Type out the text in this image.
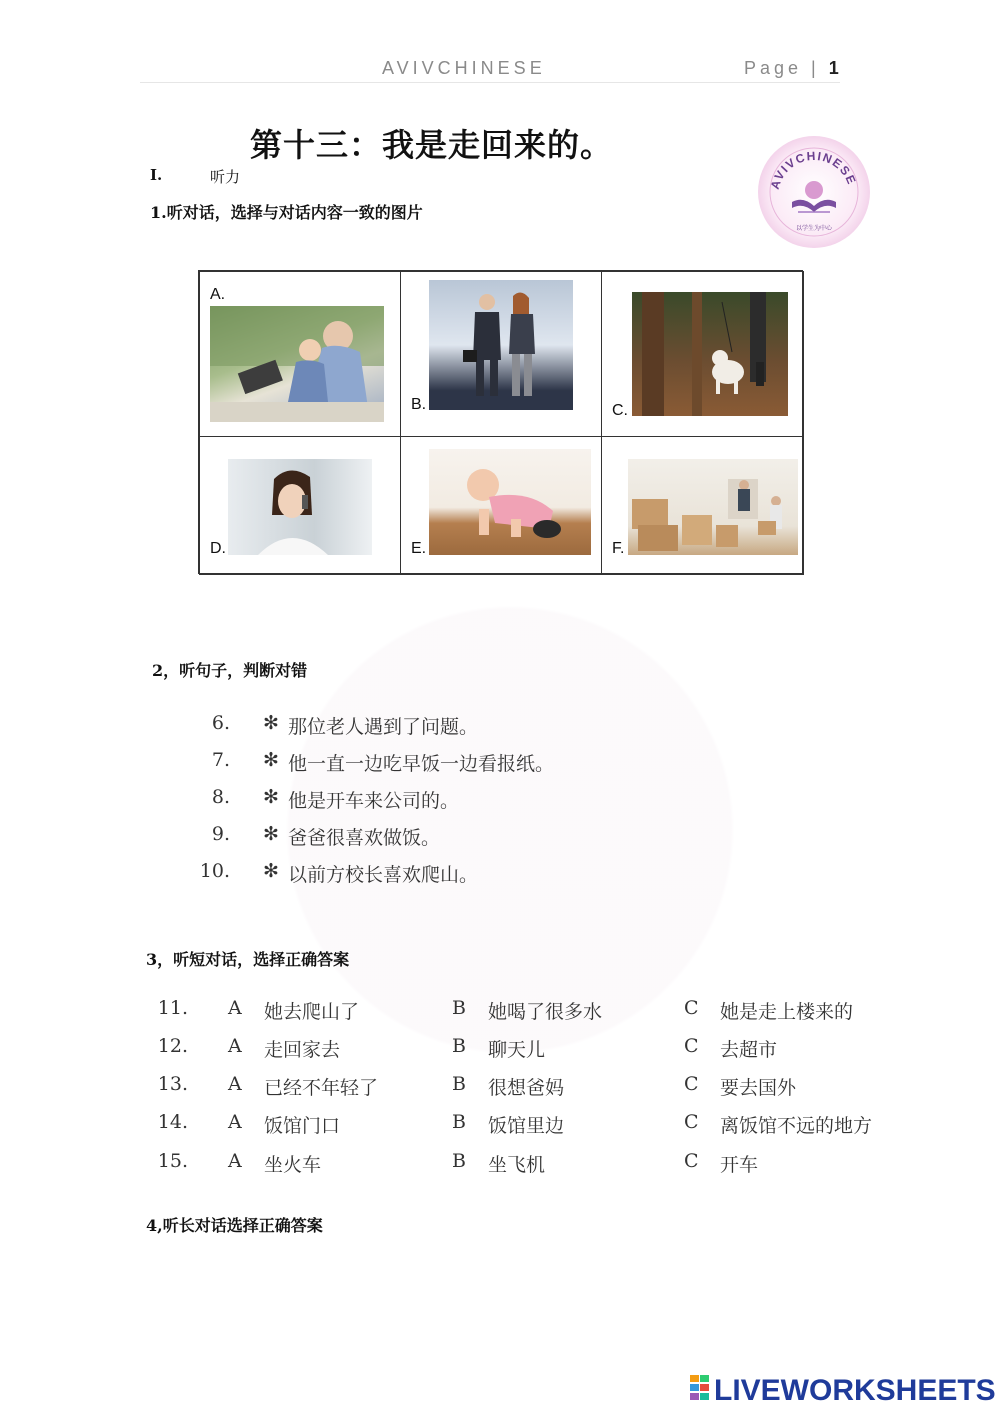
AVIVCHINESE	Page | 1
AVIVCHINESE
以学生为中心
第十三：我是走回来的。
I.	听力
1.听对话，选择与对话内容一致的图片
A.
B.	C.
D.	E.	F.
2，听句子，判断对错
6. ✻ 那位老人遇到了问题。
7. ✻ 他一直一边吃早饭一边看报纸。
8. ✻ 他是开车来公司的。
9. ✻ 爸爸很喜欢做饭。
10. ✻ 以前方校长喜欢爬山。
3，听短对话，选择正确答案
11. A 她去爬山了	B 她喝了很多水	C 她是走上楼来的
12. A 走回家去	B 聊天儿	C 去超市
13. A 已经不年轻了	B 很想爸妈	C 要去国外
14. A 饭馆门口	B 饭馆里边	C 离饭馆不远的地方
15. A 坐火车	B 坐飞机	C 开车
4,听长对话选择正确答案
LIVEWORKSHEETS
